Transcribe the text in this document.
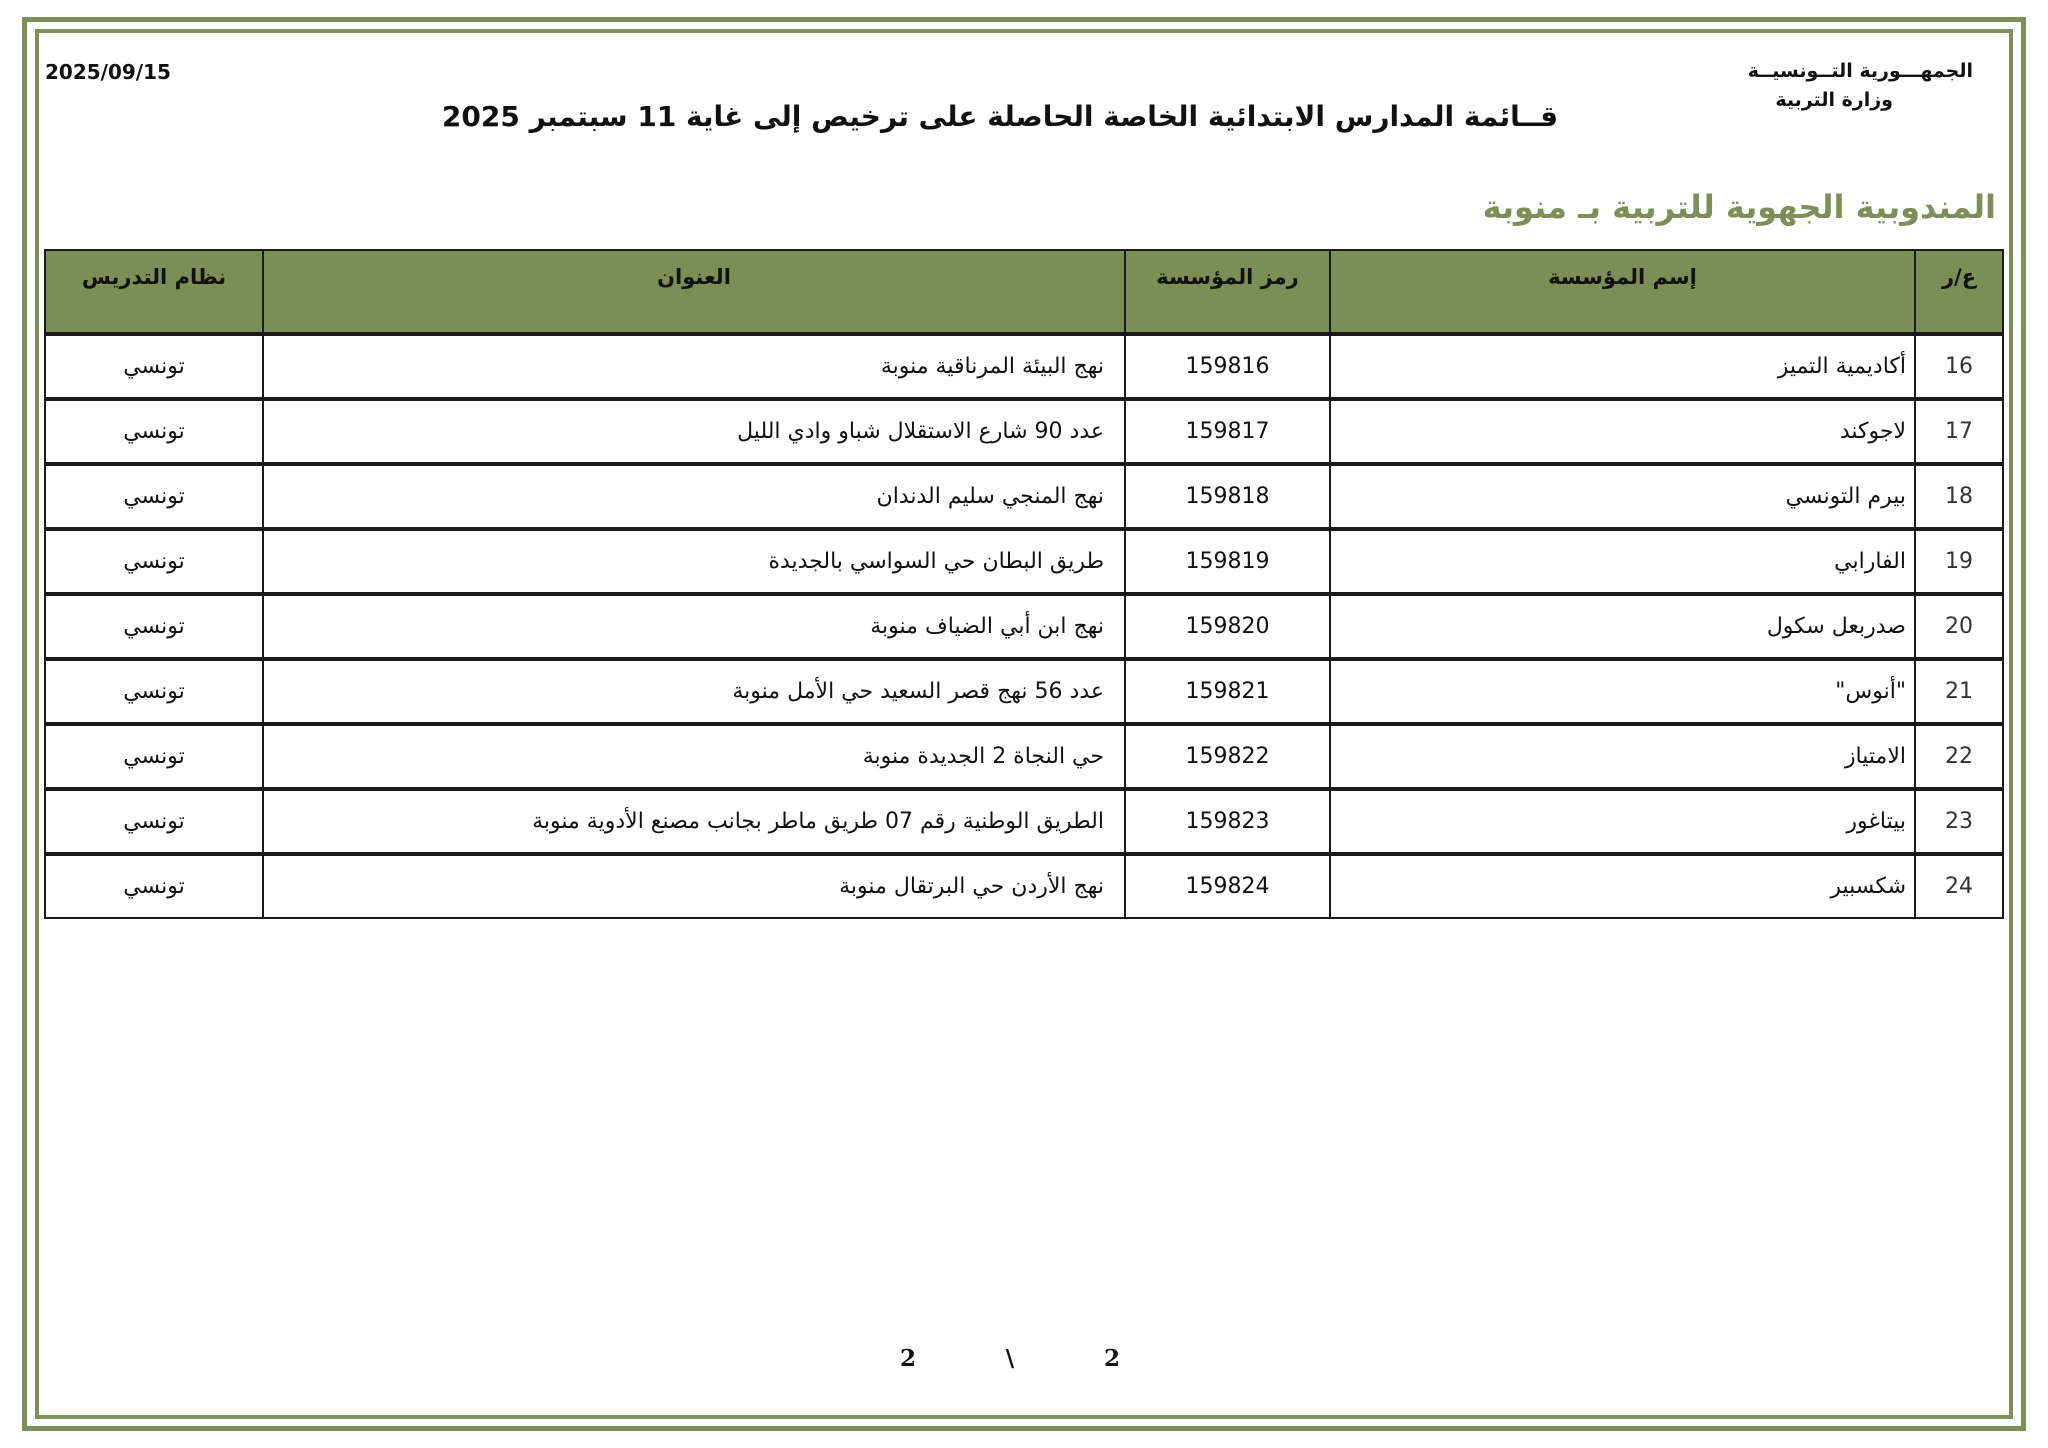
2025/09/15	الجمهـــورية التــونسيــة
وزارة التربية
قــائمة المدارس الابتدائية الخاصة الحاصلة على ترخيص إلى غاية 11 سبتمبر 2025
المندوبية الجهوية للتربية بـ منوبة
ع/ر	إسم المؤسسة	رمز المؤسسة	العنوان	نظام التدريس
16	أكاديمية التميز	159816	نهج البيئة المرناقية منوبة	تونسي
17	لاجوكند	159817	عدد 90 شارع الاستقلال شباو وادي الليل	تونسي
18	بيرم التونسي	159818	نهج المنجي سليم الدندان	تونسي
19	الفارابي	159819	طريق البطان حي السواسي بالجديدة	تونسي
20	صدربعل سكول	159820	نهج ابن أبي الضياف منوبة	تونسي
21	"أنوس"	159821	عدد 56 نهج قصر السعيد حي الأمل منوبة	تونسي
22	الامتياز	159822	حي النجاة 2 الجديدة منوبة	تونسي
23	بيتاغور	159823	الطريق الوطنية رقم 07 طريق ماطر بجانب مصنع الأدوية منوبة	تونسي
24	شكسبير	159824	نهج الأردن حي البرتقال منوبة	تونسي
2	\	2
